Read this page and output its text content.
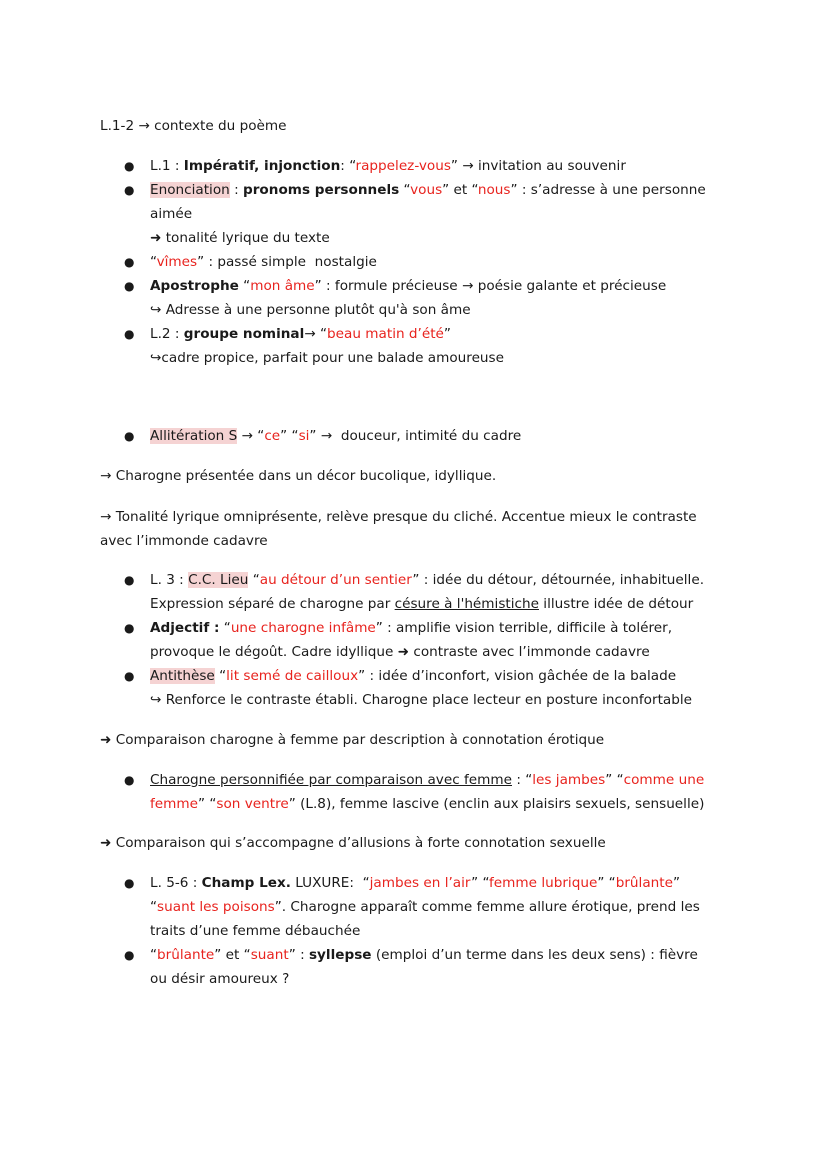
L.1-2 → contexte du poème
● L.1 : Impératif, injonction: “rappelez-vous” → invitation au souvenir
● Enonciation : pronoms personnels “vous” et “nous” : s’adresse à une personne
aimée
➜ tonalité lyrique du texte
● “vîmes” : passé simple  nostalgie
● Apostrophe “mon âme” : formule précieuse → poésie galante et précieuse
↪ Adresse à une personne plutôt qu'à son âme
● L.2 : groupe nominal→ “beau matin d’été”
↪cadre propice, parfait pour une balade amoureuse
● Allitération S → “ce” “si” →  douceur, intimité du cadre
→ Charogne présentée dans un décor bucolique, idyllique.
→ Tonalité lyrique omniprésente, relève presque du cliché. Accentue mieux le contraste
avec l’immonde cadavre
● L. 3 : C.C. Lieu “au détour d’un sentier” : idée du détour, détournée, inhabituelle.
Expression séparé de charogne par césure à l'hémistiche illustre idée de détour
● Adjectif : “une charogne infâme” : amplifie vision terrible, difficile à tolérer,
provoque le dégoût. Cadre idyllique ➜ contraste avec l’immonde cadavre
● Antithèse “lit semé de cailloux” : idée d’inconfort, vision gâchée de la balade
↪ Renforce le contraste établi. Charogne place lecteur en posture inconfortable
➜ Comparaison charogne à femme par description à connotation érotique
● Charogne personnifiée par comparaison avec femme : “les jambes” “comme une
femme” “son ventre” (L.8), femme lascive (enclin aux plaisirs sexuels, sensuelle)
➜ Comparaison qui s’accompagne d’allusions à forte connotation sexuelle
● L. 5-6 : Champ Lex. LUXURE:  “jambes en l’air” “femme lubrique” “brûlante”
“suant les poisons”. Charogne apparaît comme femme allure érotique, prend les
traits d’une femme débauchée
● “brûlante” et “suant” : syllepse (emploi d’un terme dans les deux sens) : fièvre
ou désir amoureux ?
